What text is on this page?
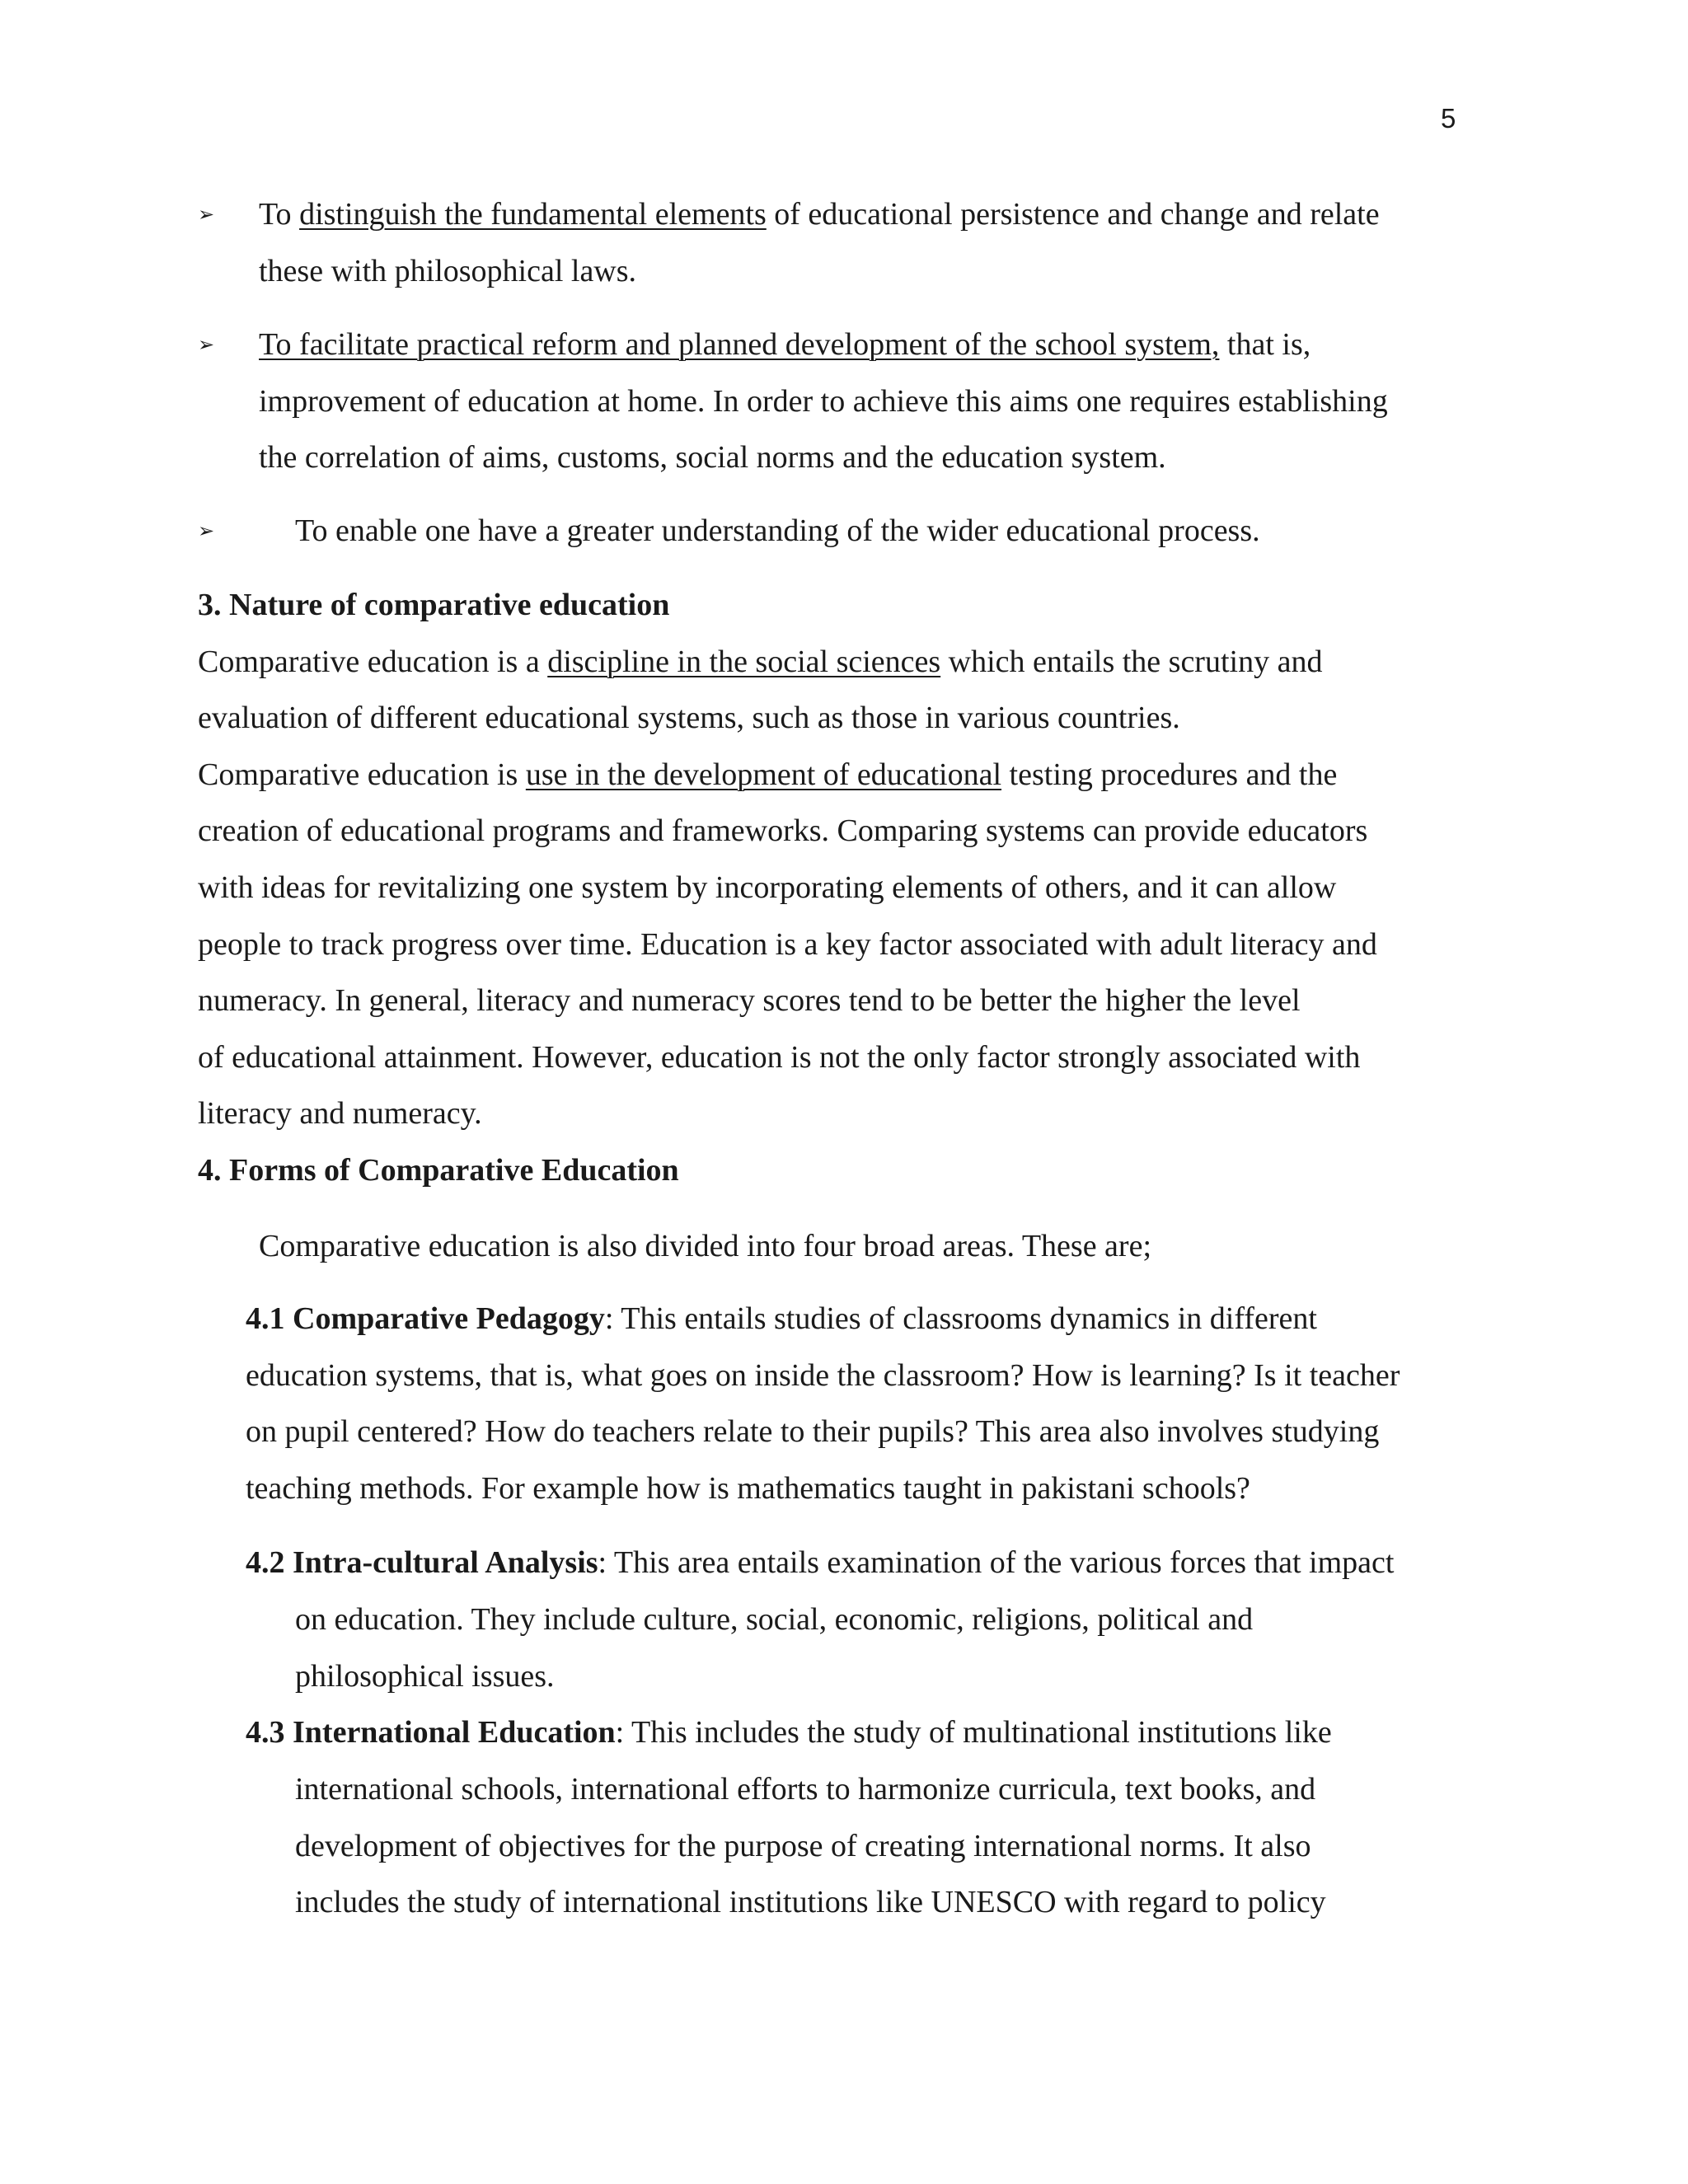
5
➢ To distinguish the fundamental elements of educational persistence and change and relate
these with philosophical laws.

➢ To facilitate practical reform and planned development of the school system, that is,
improvement of education at home. In order to achieve this aims one requires establishing
the correlation of aims, customs, social norms and the education system.

➢	To enable one have a greater understanding of the wider educational process.

3. Nature of comparative education
Comparative education is a discipline in the social sciences which entails the scrutiny and
evaluation of different educational systems, such as those in various countries.
Comparative education is use in the development of educational testing procedures and the
creation of educational programs and frameworks. Comparing systems can provide educators
with ideas for revitalizing one system by incorporating elements of others, and it can allow
people to track progress over time. Education is a key factor associated with adult literacy and
numeracy. In general, literacy and numeracy scores tend to be better the higher the level
of educational attainment. However, education is not the only factor strongly associated with
literacy and numeracy.
4. Forms of Comparative Education

Comparative education is also divided into four broad areas. These are;

4.1 Comparative Pedagogy: This entails studies of classrooms dynamics in different
education systems, that is, what goes on inside the classroom? How is learning? Is it teacher
on pupil centered? How do teachers relate to their pupils? This area also involves studying
teaching methods. For example how is mathematics taught in pakistani schools?

4.2 Intra-cultural Analysis: This area entails examination of the various forces that impact

on education. They include culture, social, economic, religions, political and
philosophical issues.

4.3 International Education: This includes the study of multinational institutions like

international schools, international efforts to harmonize curricula, text books, and
development of objectives for the purpose of creating international norms. It also
includes the study of international institutions like UNESCO with regard to policy
